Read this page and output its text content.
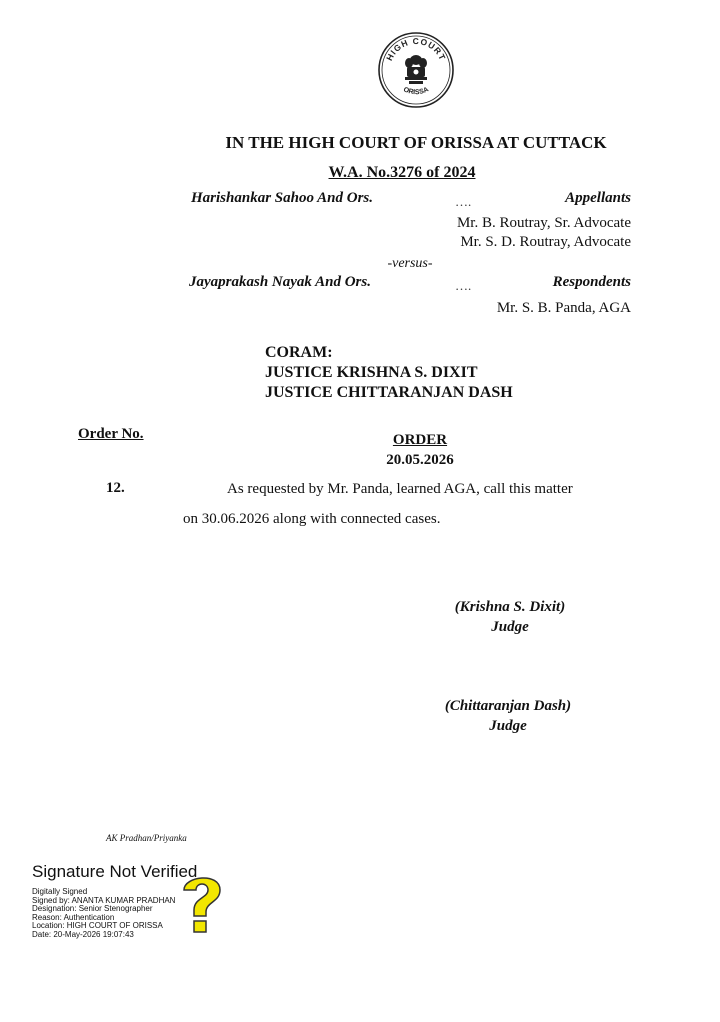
HIGH COURT
ORISSA
IN THE HIGH COURT OF ORISSA AT CUTTACK
W.A. No.3276 of 2024
Harishankar Sahoo And Ors.	….	Appellants
Mr. B. Routray, Sr. Advocate
Mr. S. D. Routray, Advocate
-versus-
Jayaprakash Nayak And Ors.	….	Respondents
Mr. S. B. Panda, AGA
CORAM:
JUSTICE KRISHNA S. DIXIT
JUSTICE CHITTARANJAN DASH
Order No.	ORDER
20.05.2026
12.	As requested by Mr. Panda, learned AGA, call this matter
on 30.06.2026 along with connected cases.
(Krishna S. Dixit)
Judge
(Chittaranjan Dash)
Judge
AK Pradhan/Priyanka
Signature Not Verified
Digitally Signed
Signed by: ANANTA KUMAR PRADHAN
Designation: Senior Stenographer
Reason: Authentication
Location: HIGH COURT OF ORISSA
Date: 20-May-2026 19:07:43
